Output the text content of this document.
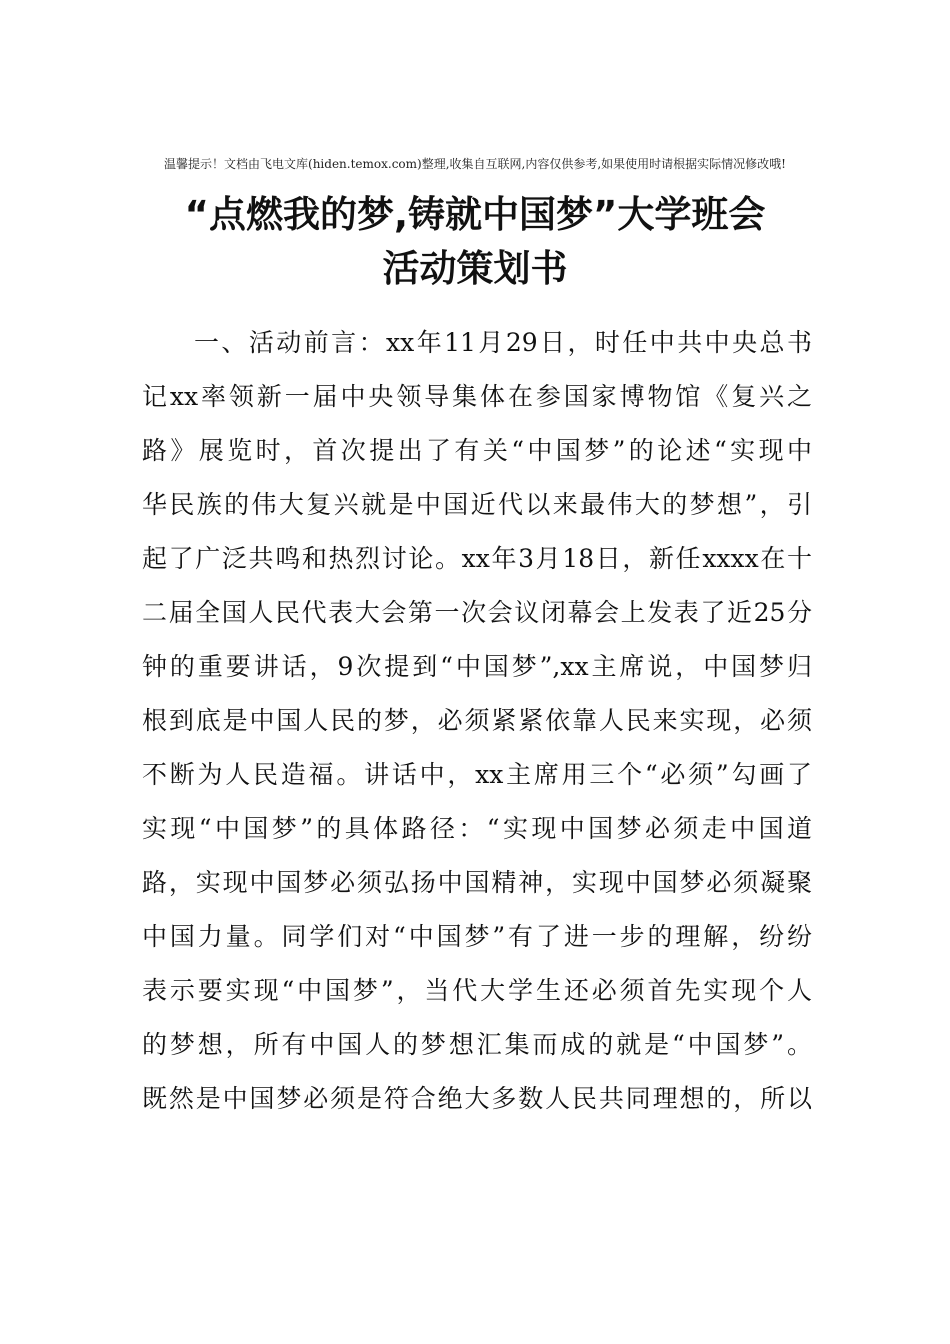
温馨提示！文档由飞电文库(hiden.temox.com)整理,收集自互联网,内容仅供参考,如果使用时请根据实际情况修改哦!
“点燃我的梦,铸就中国梦”大学班会
活动策划书
一、活动前言：xx年11月29日，时任中共中央总书
记xx率领新一届中央领导集体在参国家博物馆《复兴之
路》展览时，首次提出了有关“中国梦”的论述“实现中
华民族的伟大复兴就是中国近代以来最伟大的梦想”，引
起了广泛共鸣和热烈讨论。xx年3月18日，新任xxxx在十
二届全国人民代表大会第一次会议闭幕会上发表了近25分
钟的重要讲话，9次提到“中国梦”,xx主席说，中国梦归
根到底是中国人民的梦，必须紧紧依靠人民来实现，必须
不断为人民造福。讲话中，xx主席用三个“必须”勾画了
实现“中国梦”的具体路径：“实现中国梦必须走中国道
路，实现中国梦必须弘扬中国精神，实现中国梦必须凝聚
中国力量。同学们对“中国梦”有了进一步的理解，纷纷
表示要实现“中国梦”，当代大学生还必须首先实现个人
的梦想，所有中国人的梦想汇集而成的就是“中国梦”。
既然是中国梦必须是符合绝大多数人民共同理想的，所以
